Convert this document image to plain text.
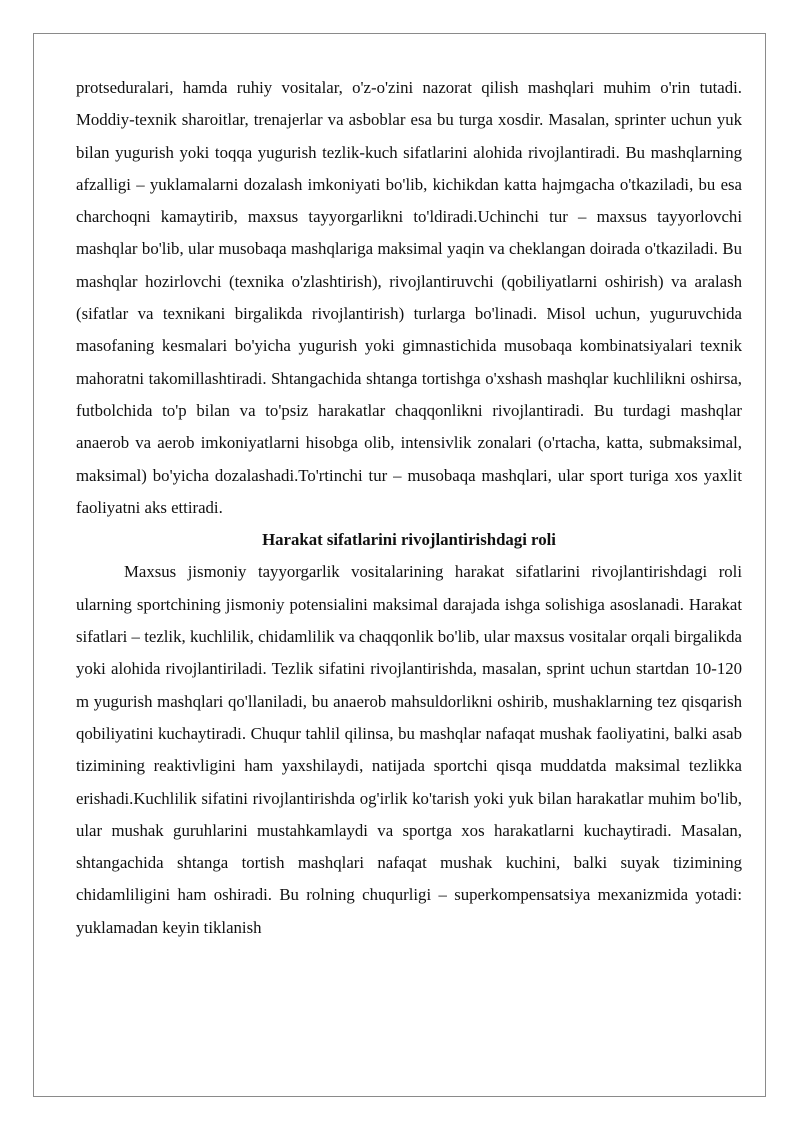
protseduralari, hamda ruhiy vositalar, o'z-o'zini nazorat qilish mashqlari muhim o'rin tutadi. Moddiy-texnik sharoitlar, trenajerlar va asboblar esa bu turga xosdir. Masalan, sprinter uchun yuk bilan yugurish yoki toqqa yugurish tezlik-kuch sifatlarini alohida rivojlantiradi. Bu mashqlarning afzalligi – yuklamalarni dozalash imkoniyati bo'lib, kichikdan katta hajmgacha o'tkaziladi, bu esa charchoqni kamaytirib, maxsus tayyorgarlikni to'ldiradi.Uchinchi tur – maxsus tayyorlovchi mashqlar bo'lib, ular musobaqa mashqlariga maksimal yaqin va cheklangan doirada o'tkaziladi. Bu mashqlar hozirlovchi (texnika o'zlashtirish), rivojlantiruvchi (qobiliyatlarni oshirish) va aralash (sifatlar va texnikani birgalikda rivojlantirish) turlarga bo'linadi. Misol uchun, yuguruvchida masofaning kesmalari bo'yicha yugurish yoki gimnastichida musobaqa kombinatsiyalari texnik mahoratni takomillashtiradi. Shtangachida shtanga tortishga o'xshash mashqlar kuchlilikni oshirsa, futbolchida to'p bilan va to'psiz harakatlar chaqqonlikni rivojlantiradi. Bu turdagi mashqlar anaerob va aerob imkoniyatlarni hisobga olib, intensivlik zonalari (o'rtacha, katta, submaksimal, maksimal) bo'yicha dozalashadi.To'rtinchi tur – musobaqa mashqlari, ular sport turiga xos yaxlit faoliyatni aks ettiradi.

Harakat sifatlarini rivojlantirishdagi roli

Maxsus jismoniy tayyorgarlik vositalarining harakat sifatlarini rivojlantirishdagi roli ularning sportchining jismoniy potensialini maksimal darajada ishga solishiga asoslanadi. Harakat sifatlari – tezlik, kuchlilik, chidamlilik va chaqqonlik bo'lib, ular maxsus vositalar orqali birgalikda yoki alohida rivojlantiriladi. Tezlik sifatini rivojlantirishda, masalan, sprint uchun startdan 10-120 m yugurish mashqlari qo'llaniladi, bu anaerob mahsuldorlikni oshirib, mushaklarning tez qisqarish qobiliyatini kuchaytiradi. Chuqur tahlil qilinsa, bu mashqlar nafaqat mushak faoliyatini, balki asab tizimining reaktivligini ham yaxshilaydi, natijada sportchi qisqa muddatda maksimal tezlikka erishadi.Kuchlilik sifatini rivojlantirishda og'irlik ko'tarish yoki yuk bilan harakatlar muhim bo'lib, ular mushak guruhlarini mustahkamlaydi va sportga xos harakatlarni kuchaytiradi. Masalan, shtangachida shtanga tortish mashqlari nafaqat mushak kuchini, balki suyak tizimining chidamliligini ham oshiradi. Bu rolning chuqurligi – superkompensatsiya mexanizmida yotadi: yuklamadan keyin tiklanish
